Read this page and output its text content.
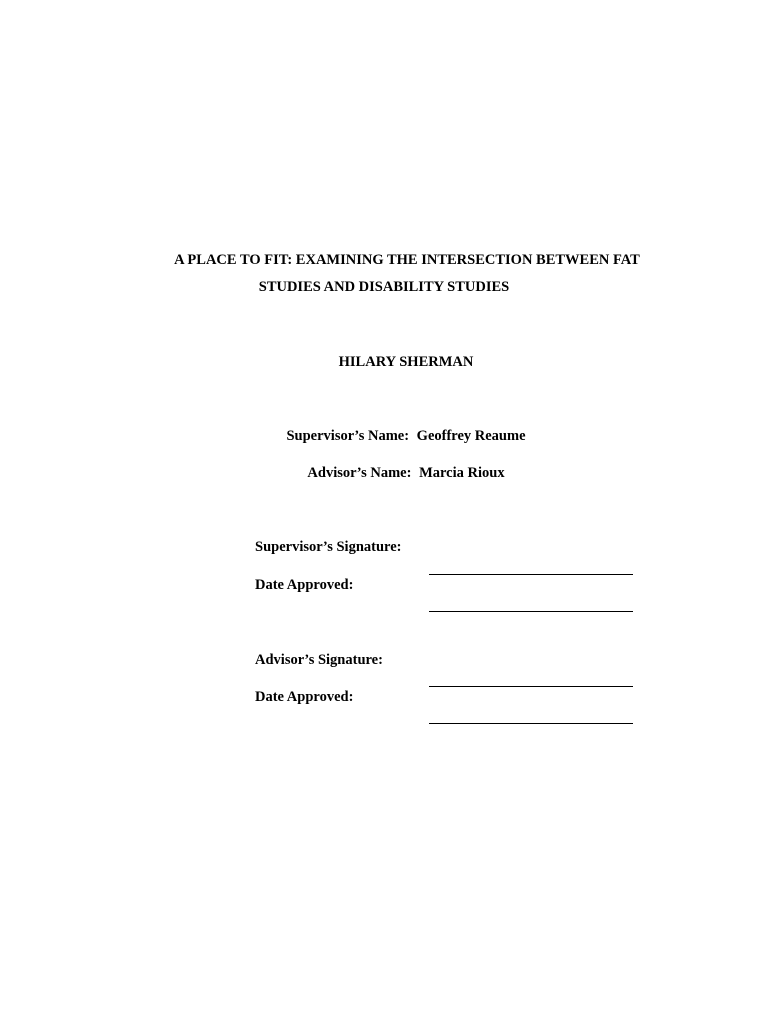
A PLACE TO FIT: EXAMINING THE INTERSECTION BETWEEN FAT
STUDIES AND DISABILITY STUDIES
HILARY SHERMAN
Supervisor’s Name: Geoffrey Reaume
Advisor’s Name: Marcia Rioux
Supervisor’s Signature:
Date Approved:
Advisor’s Signature:
Date Approved:
